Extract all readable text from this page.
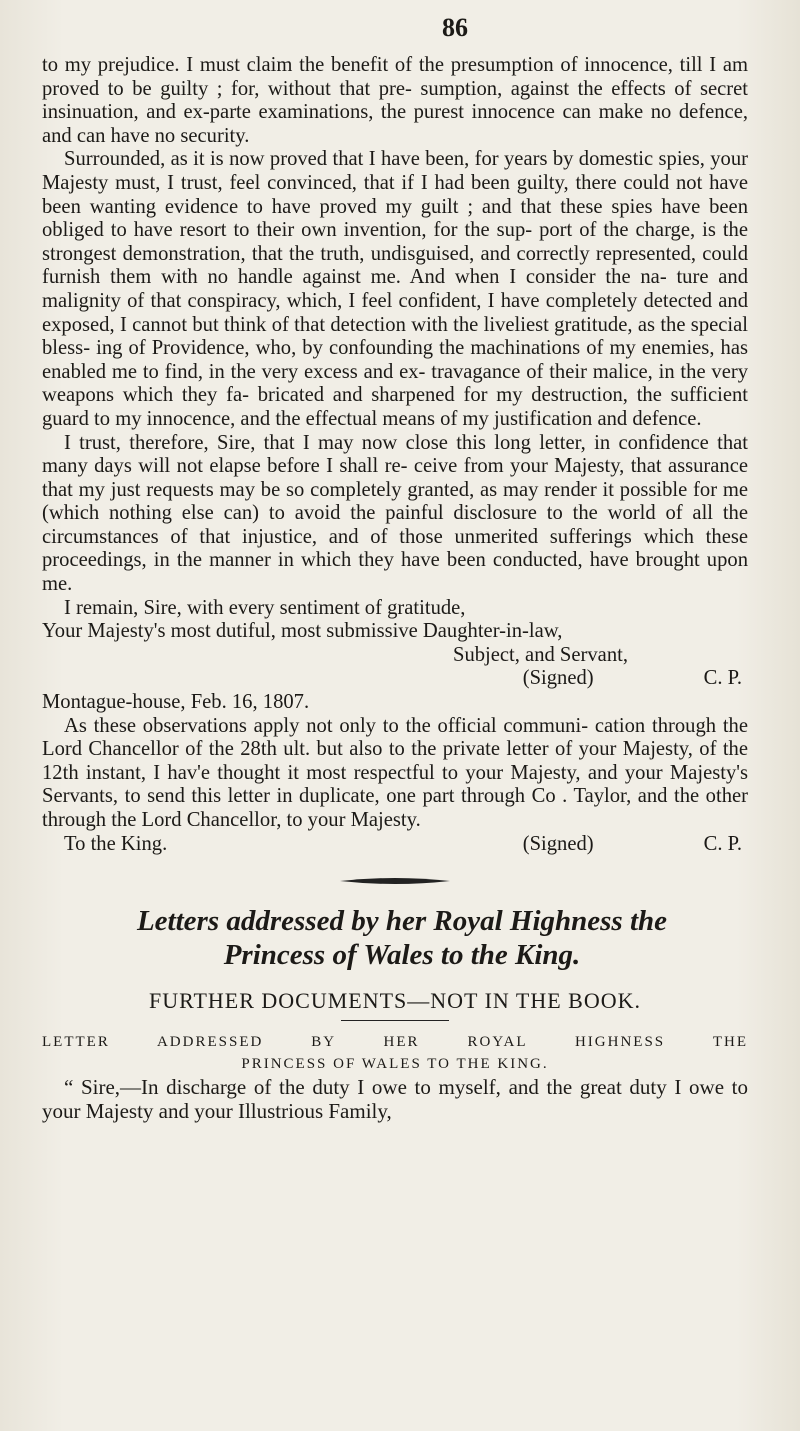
86

to my prejudice. I must claim the benefit of the presumption of innocence, till I am proved to be guilty ; for, without that pre- sumption, against the effects of secret insinuation, and ex-parte examinations, the purest innocence can make no defence, and can have no security.

Surrounded, as it is now proved that I have been, for years by domestic spies, your Majesty must, I trust, feel convinced, that if I had been guilty, there could not have been wanting evidence to have proved my guilt ; and that these spies have been obliged to have resort to their own invention, for the sup- port of the charge, is the strongest demonstration, that the truth, undisguised, and correctly represented, could furnish them with no handle against me. And when I consider the na- ture and malignity of that conspiracy, which, I feel confident, I have completely detected and exposed, I cannot but think of that detection with the liveliest gratitude, as the special bless- ing of Providence, who, by confounding the machinations of my enemies, has enabled me to find, in the very excess and ex- travagance of their malice, in the very weapons which they fa- bricated and sharpened for my destruction, the sufficient guard to my innocence, and the effectual means of my justification and defence.

I trust, therefore, Sire, that I may now close this long letter, in confidence that many days will not elapse before I shall re- ceive from your Majesty, that assurance that my just requests may be so completely granted, as may render it possible for me (which nothing else can) to avoid the painful disclosure to the world of all the circumstances of that injustice, and of those unmerited sufferings which these proceedings, in the manner in which they have been conducted, have brought upon me.

I remain, Sire, with every sentiment of gratitude,
Your Majesty's most dutiful, most submissive Daughter-in-law,
Subject, and Servant,
(Signed)	C. P.
Montague-house, Feb. 16, 1807.

As these observations apply not only to the official communi- cation through the Lord Chancellor of the 28th ult. but also to the private letter of your Majesty, of the 12th instant, I hav'e thought it most respectful to your Majesty, and your Majesty's Servants, to send this letter in duplicate, one part through Co . Taylor, and the other through the Lord Chancellor, to your Majesty.

To the King.	(Signed)	C. P.
Letters addressed by her Royal Highness the
Princess of Wales to the King.
FURTHER DOCUMENTS—NOT IN THE BOOK.
LETTER ADDRESSED BY HER ROYAL HIGHNESS THE
PRINCESS OF WALES TO THE KING.

“ Sire,—In discharge of the duty I owe to myself, and the great duty I owe to your Majesty and your Illustrious Family,
